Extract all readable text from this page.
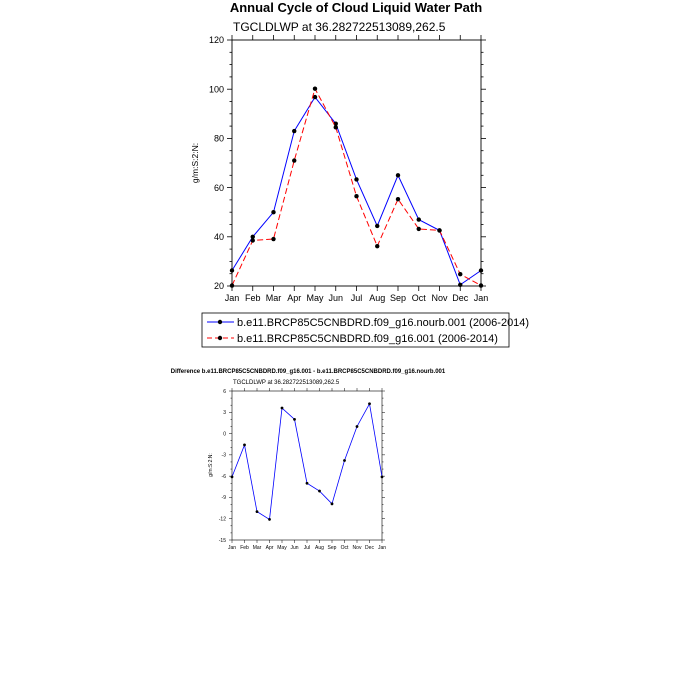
Annual Cycle of Cloud Liquid Water Path
TGCLDLWP at 36.282722513089,262.5
g/m:S:2:N:
20
40
60
80
100
120
Jan Feb Mar Apr May Jun Jul Aug Sep Oct Nov Dec Jan
b.e11.BRCP85C5CNBDRD.f09_g16.nourb.001 (2006-2014)
b.e11.BRCP85C5CNBDRD.f09_g16.001 (2006-2014)
Difference b.e11.BRCP85C5CNBDRD.f09_g16.001 - b.e11.BRCP85C5CNBDRD.f09_g16.nourb.001
TGCLDLWP at 36.282722513089,262.5
g/m:S:2:N:
-15
-12
-9
-6
-3
0
3
6
Jan Feb Mar Apr May Jun Jul Aug Sep Oct Nov Dec Jan
